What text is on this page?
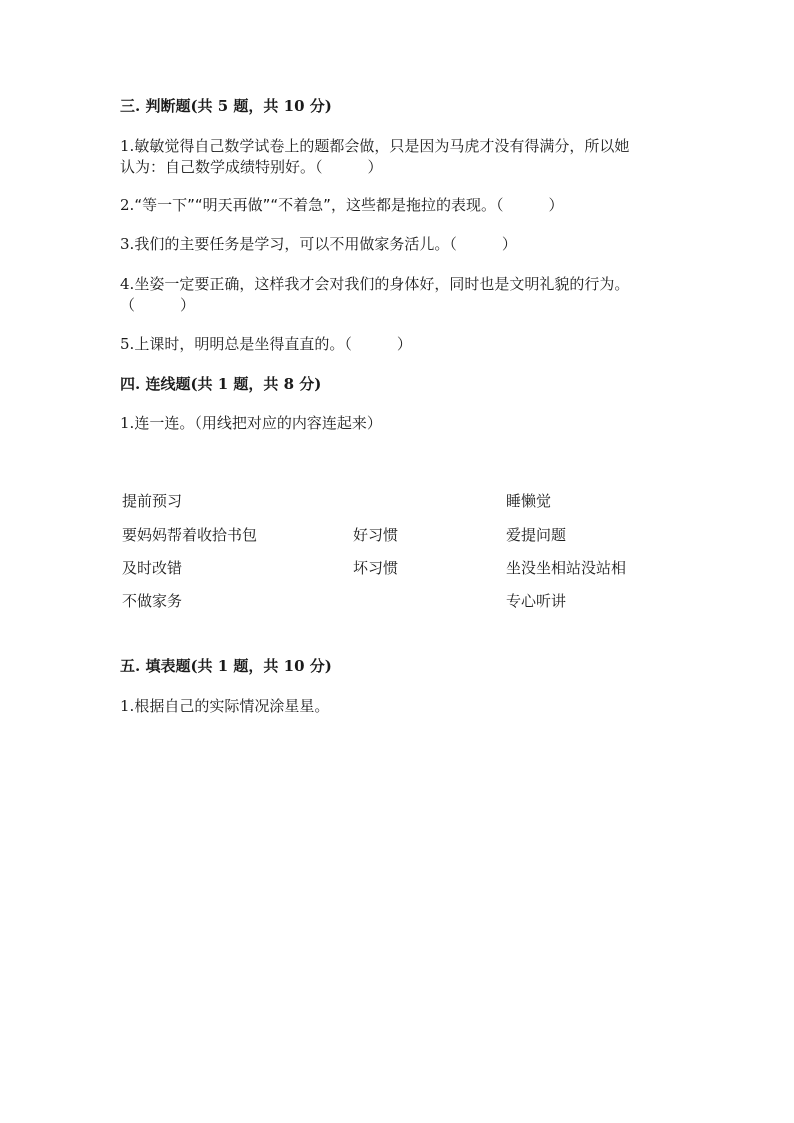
三. 判断题(共 5 题，共 10 分)
1.敏敏觉得自己数学试卷上的题都会做，只是因为马虎才没有得满分，所以她
认为：自己数学成绩特别好。（　　　）
2.“等一下”“明天再做”“不着急”，这些都是拖拉的表现。（　　　）
3.我们的主要任务是学习，可以不用做家务活儿。（　　　）
4.坐姿一定要正确，这样我才会对我们的身体好，同时也是文明礼貌的行为。
（　　　）
5.上课时，明明总是坐得直直的。（　　　）
四. 连线题(共 1 题，共 8 分)
1.连一连。（用线把对应的内容连起来）
提前预习
要妈妈帮着收拾书包
及时改错
不做家务
好习惯
坏习惯
睡懒觉
爱提问题
坐没坐相站没站相
专心听讲
五. 填表题(共 1 题，共 10 分)
1.根据自己的实际情况涂星星。
